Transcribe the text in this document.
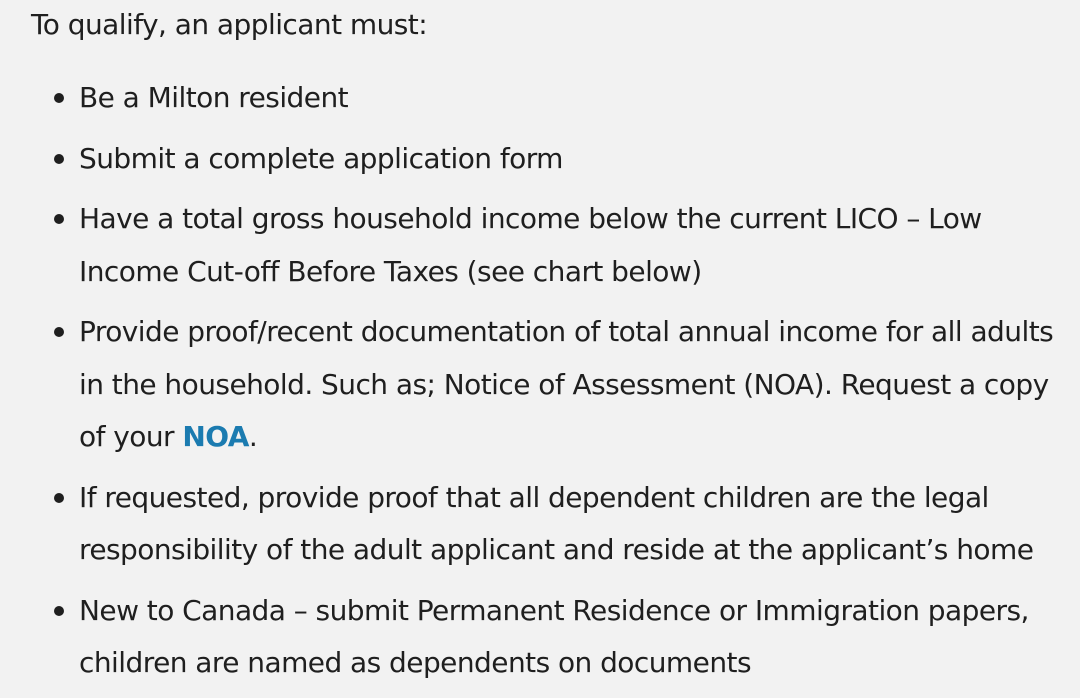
To qualify, an applicant must:

Be a Milton resident
Submit a complete application form
Have a total gross household income below the current LICO – Low
Income Cut-off Before Taxes (see chart below)
Provide proof/recent documentation of total annual income for all adults
in the household. Such as; Notice of Assessment (NOA). Request a copy
of your NOA.
If requested, provide proof that all dependent children are the legal
responsibility of the adult applicant and reside at the applicant’s home
New to Canada – submit Permanent Residence or Immigration papers,
children are named as dependents on documents
